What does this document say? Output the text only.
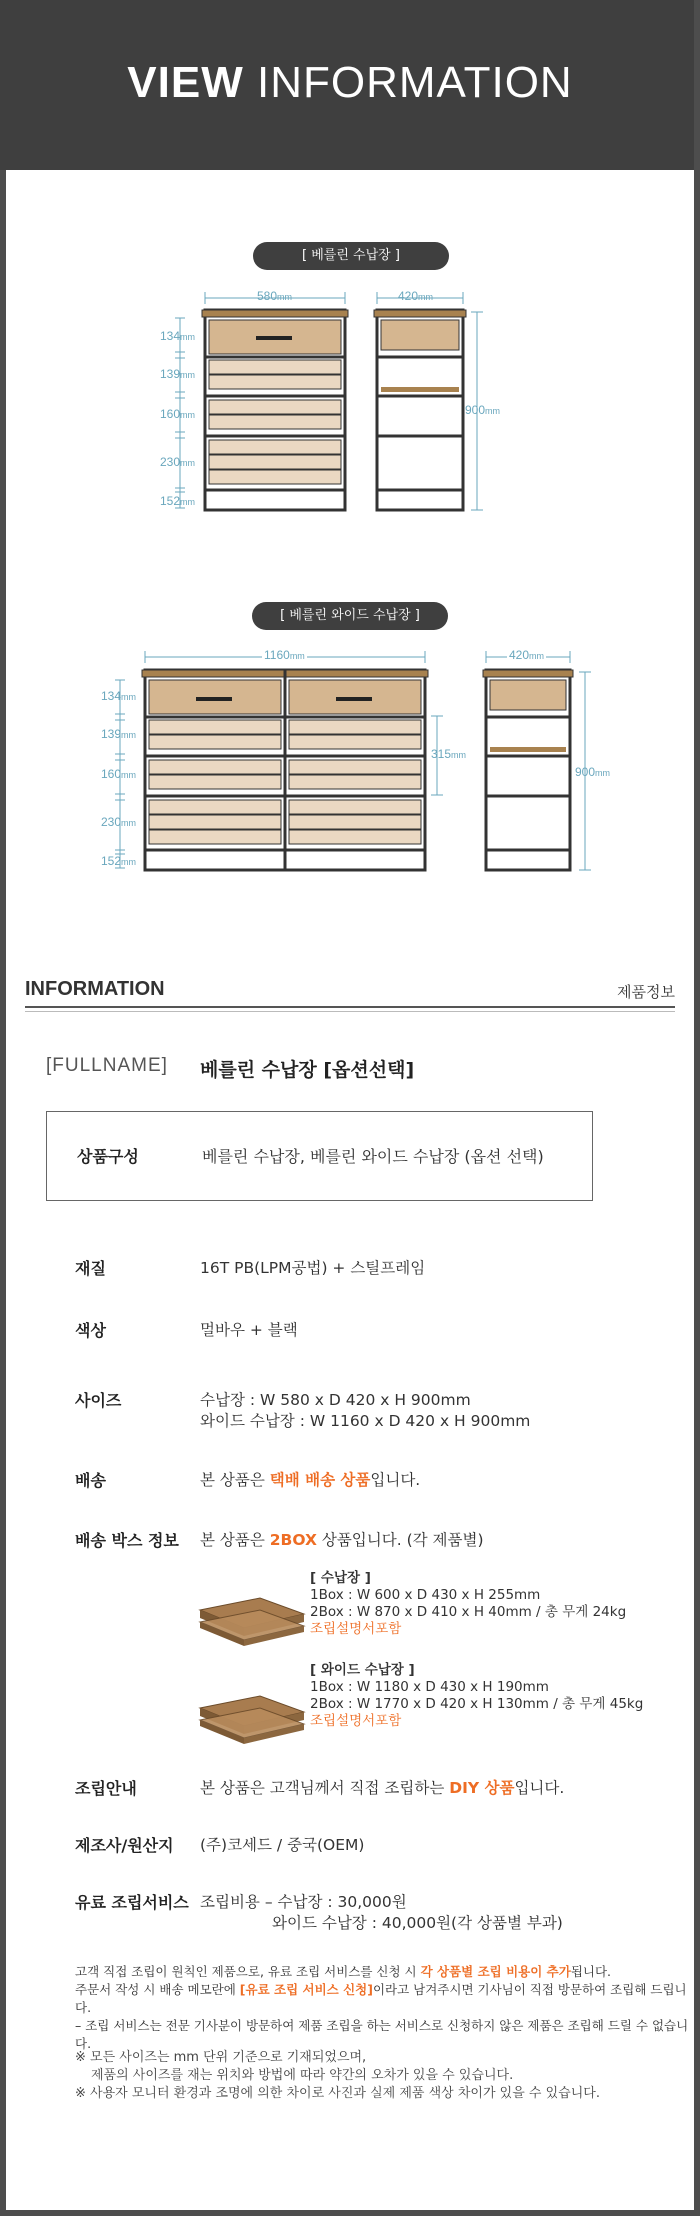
VIEW INFORMATION
[ 베를린 수납장 ]
580mm	420mm
900mm
134mm
139mm
160mm
230mm
152mm
[ 베를린 와이드 수납장 ]
1160mm	420mm
315mm
900mm
134mm
139mm
160mm
230mm
152mm
INFORMATION	제품정보
[FULLNAME] 베를린 수납장 [옵션선택]
상품구성	베를린 수납장, 베를린 와이드 수납장 (옵션 선택)
재질	16T PB(LPM공법) + 스틸프레임
색상	멀바우 + 블랙
사이즈	수납장 : W 580 x D 420 x H 900mm
와이드 수납장 : W 1160 x D 420 x H 900mm
배송	본 상품은 택배 배송 상품입니다.
배송 박스 정보 본 상품은 2BOX 상품입니다. (각 제품별)
[ 수납장 ]
1Box : W 600 x D 430 x H 255mm
2Box : W 870 x D 410 x H 40mm / 총 무게 24kg
조립설명서포함
[ 와이드 수납장 ]
1Box : W 1180 x D 430 x H 190mm
2Box : W 1770 x D 420 x H 130mm / 총 무게 45kg
조립설명서포함
조립안내	본 상품은 고객님께서 직접 조립하는 DIY 상품입니다.
제조사/원산지 (주)코세드 / 중국(OEM)
유료 조립서비스 조립비용 – 수납장 : 30,000원
와이드 수납장 : 40,000원(각 상품별 부과)
고객 직접 조립이 원칙인 제품으로, 유료 조립 서비스를 신청 시 각 상품별 조립 비용이 추가됩니다.
주문서 작성 시 배송 메모란에 [유료 조립 서비스 신청]이라고 남겨주시면 기사님이 직접 방문하여 조립해 드립니다.
– 조립 서비스는 전문 기사분이 방문하여 제품 조립을 하는 서비스로 신청하지 않은 제품은 조립해 드릴 수 없습니다.
※ 모든 사이즈는 mm 단위 기준으로 기재되었으며,
제품의 사이즈를 재는 위치와 방법에 따라 약간의 오차가 있을 수 있습니다.
※ 사용자 모니터 환경과 조명에 의한 차이로 사진과 실제 제품 색상 차이가 있을 수 있습니다.
